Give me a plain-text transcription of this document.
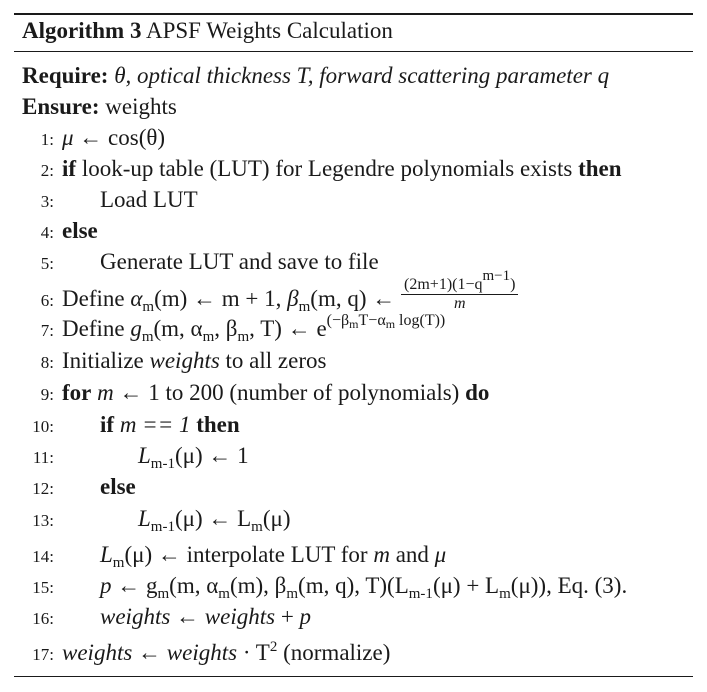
Algorithm 3 APSF Weights Calculation
Require: θ, optical thickness T, forward scattering parameter q
Ensure: weights
1: μ ← cos(θ)
2: if look-up table (LUT) for Legendre polynomials exists then
3: Load LUT
4: else
5: Generate LUT and save to file
6: Define $\alpha_m(m)$ ← m + 1, $\beta_m(m$, q) ← $\frac{(2m+1)(1-q^{m-1})}{m}$
7: Define $g_m(m$, $\alpha_m$, $\beta_m$, T) ← $e^{(-\beta_mT-\alpha_m log(T))}$
8: Initialize weights to all zeros
9: for m ← 1 to 200 (number of polynomials) do
10: if m == 1 then
11:	$L_{m-1}(\mu)$ ← 1
12: else
13:	$L_{m-1}(\mu)$ ← $L_m(\mu)$
14: $L_m(\mu)$ ← interpolate LUT for m and μ
15: p ← $g_m(m$, $\alpha_m(m)$, $\beta_m(m$, q), $T)(L_{m-1}(\mu) + L_m(\mu))$, Eq. (3).
16: weights ← weights + p
17: weights ← weights · $T^2$ (normalize)
